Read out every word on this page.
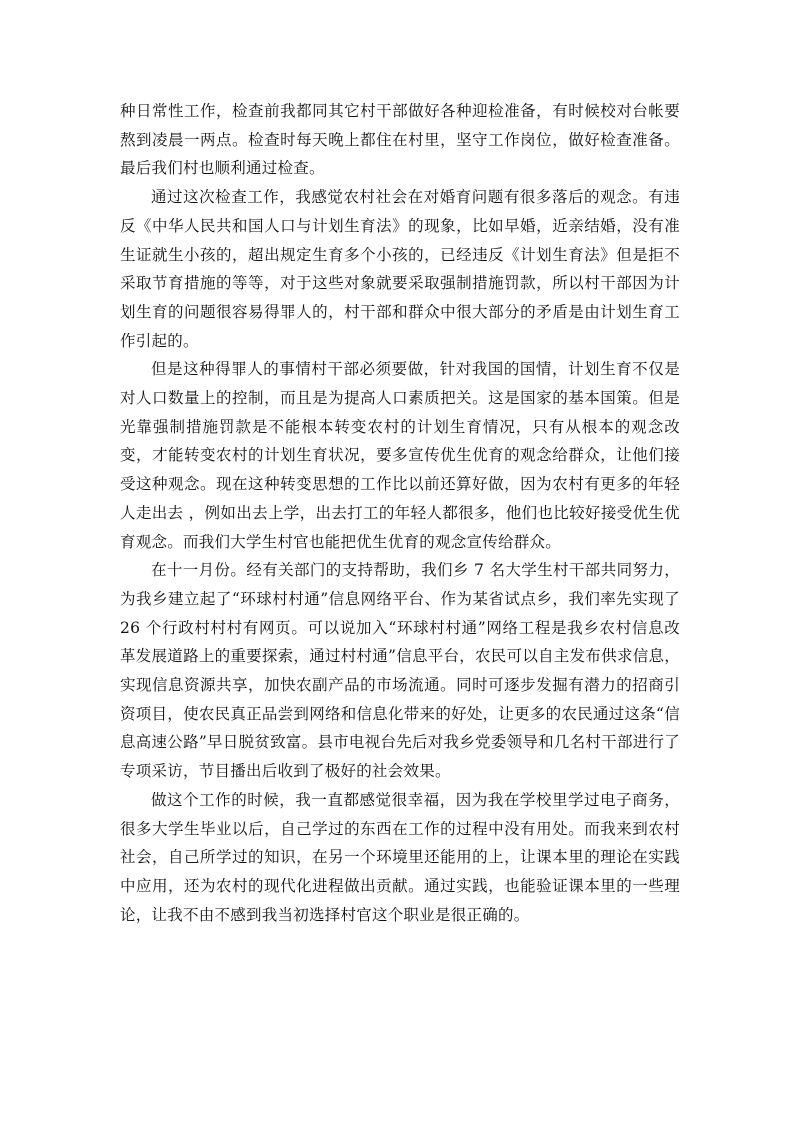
种日常性工作，检查前我都同其它村干部做好各种迎检准备，有时候校对台帐要熬到凌晨一两点。检查时每天晚上都住在村里，坚守工作岗位，做好检查准备。最后我们村也顺利通过检查。

通过这次检查工作，我感觉农村社会在对婚育问题有很多落后的观念。有违反《中华人民共和国人口与计划生育法》的现象，比如早婚，近亲结婚，没有准生证就生小孩的，超出规定生育多个小孩的，已经违反《计划生育法》但是拒不采取节育措施的等等，对于这些对象就要采取强制措施罚款，所以村干部因为计划生育的问题很容易得罪人的，村干部和群众中很大部分的矛盾是由计划生育工作引起的。

但是这种得罪人的事情村干部必须要做，针对我国的国情，计划生育不仅是对人口数量上的控制，而且是为提高人口素质把关。这是国家的基本国策。但是光靠强制措施罚款是不能根本转变农村的计划生育情况，只有从根本的观念改变，才能转变农村的计划生育状况，要多宣传优生优育的观念给群众，让他们接受这种观念。现在这种转变思想的工作比以前还算好做，因为农村有更多的年轻人走出去 ，例如出去上学，出去打工的年轻人都很多，他们也比较好接受优生优育观念。而我们大学生村官也能把优生优育的观念宣传给群众。

在十一月份。经有关部门的支持帮助，我们乡 7 名大学生村干部共同努力，为我乡建立起了“环球村村通”信息网络平台、作为某省试点乡，我们率先实现了 26 个行政村村村有网页。可以说加入“环球村村通”网络工程是我乡农村信息改革发展道路上的重要探索，通过村村通”信息平台，农民可以自主发布供求信息，实现信息资源共享，加快农副产品的市场流通。同时可逐步发掘有潜力的招商引资项目，使农民真正品尝到网络和信息化带来的好处，让更多的农民通过这条“信息高速公路”早日脱贫致富。县市电视台先后对我乡党委领导和几名村干部进行了专项采访，节目播出后收到了极好的社会效果。

做这个工作的时候，我一直都感觉很幸福，因为我在学校里学过电子商务，很多大学生毕业以后，自己学过的东西在工作的过程中没有用处。而我来到农村社会，自己所学过的知识，在另一个环境里还能用的上，让课本里的理论在实践中应用，还为农村的现代化进程做出贡献。通过实践，也能验证课本里的一些理论，让我不由不感到我当初选择村官这个职业是很正确的。
